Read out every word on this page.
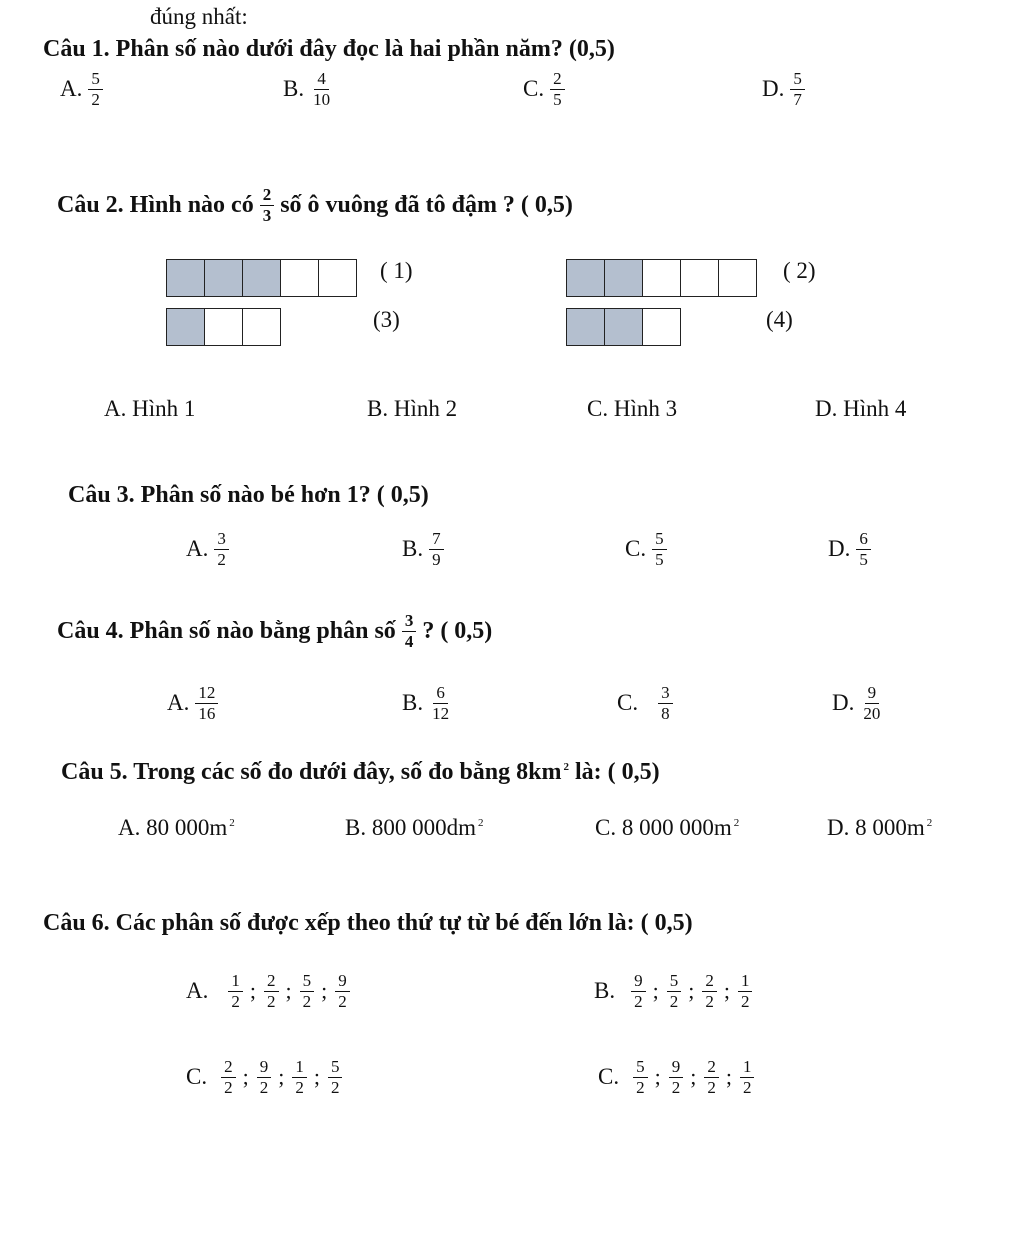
đúng nhất:
Câu 1. Phân số nào dưới đây đọc là hai phần năm? (0,5)
A. $\frac{5}{2}$	B. $\frac{4}{10}$	C. $\frac{2}{5}$	D. $\frac{5}{7}$
Câu 2. Hình nào có $\frac{2}{3}$ số ô vuông đã tô đậm ? ( 0,5)
( 1)	( 2)
(3)	(4)
A. Hình 1	B. Hình 2	C. Hình 3	D. Hình 4
Câu 3. Phân số nào bé hơn 1? ( 0,5)
A. $\frac{3}{2}$	B. $\frac{7}{9}$	C. $\frac{5}{5}$	D. $\frac{6}{5}$
Câu 4. Phân số nào bằng phân số $\frac{3}{4}$ ? ( 0,5)
A. $\frac{12}{16}$	B. $\frac{6}{12}$	C. $\frac{3}{8}$	D. $\frac{9}{20}$
Câu 5. Trong các số đo dưới đây, số đo bằng 8km $^2$ là: ( 0,5)
A. 80 000m $^2$	B. 800 000dm $^2$	C. 8 000 000m $^2$	D. 8 000m $^2$
Câu 6. Các phân số được xếp theo thứ tự từ bé đến lớn là: ( 0,5)
A. $\frac{1}{2}$ ; $\frac{2}{2}$ ; $\frac{5}{2}$ ; $\frac{9}{2}$	B. $\frac{9}{2}$ ; $\frac{5}{2}$ ; $\frac{2}{2}$ ; $\frac{1}{2}$
C. $\frac{2}{2}$ ; $\frac{9}{2}$ ; $\frac{1}{2}$ ; $\frac{5}{2}$	C. $\frac{5}{2}$ ; $\frac{9}{2}$ ; $\frac{2}{2}$ ; $\frac{1}{2}$
